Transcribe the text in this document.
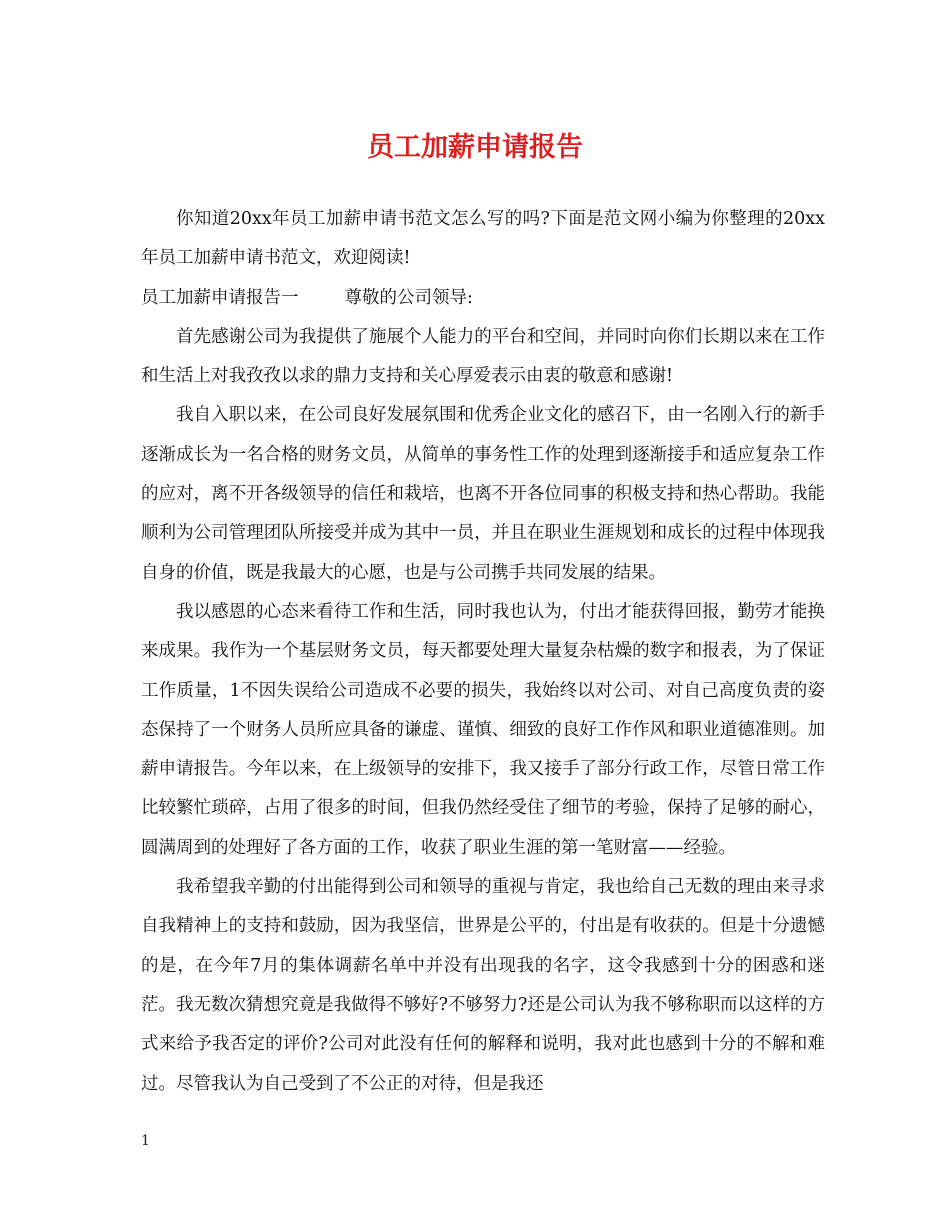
员工加薪申请报告

你知道20xx年员工加薪申请书范文怎么写的吗?下面是范文网小编为你整理的20xx年员工加薪申请书范文，欢迎阅读!

员工加薪申请报告一	尊敬的公司领导:

首先感谢公司为我提供了施展个人能力的平台和空间，并同时向你们长期以来在工作和生活上对我孜孜以求的鼎力支持和关心厚爱表示由衷的敬意和感谢!

我自入职以来，在公司良好发展氛围和优秀企业文化的感召下，由一名刚入行的新手逐渐成长为一名合格的财务文员，从简单的事务性工作的处理到逐渐接手和适应复杂工作的应对，离不开各级领导的信任和栽培，也离不开各位同事的积极支持和热心帮助。我能顺利为公司管理团队所接受并成为其中一员，并且在职业生涯规划和成长的过程中体现我自身的价值，既是我最大的心愿，也是与公司携手共同发展的结果。

我以感恩的心态来看待工作和生活，同时我也认为，付出才能获得回报，勤劳才能换来成果。我作为一个基层财务文员，每天都要处理大量复杂枯燥的数字和报表，为了保证工作质量，1不因失误给公司造成不必要的损失，我始终以对公司、对自己高度负责的姿态保持了一个财务人员所应具备的谦虚、谨慎、细致的良好工作作风和职业道德准则。加薪申请报告。今年以来，在上级领导的安排下，我又接手了部分行政工作，尽管日常工作比较繁忙琐碎，占用了很多的时间，但我仍然经受住了细节的考验，保持了足够的耐心，圆满周到的处理好了各方面的工作，收获了职业生涯的第一笔财富——经验。

我希望我辛勤的付出能得到公司和领导的重视与肯定，我也给自己无数的理由来寻求自我精神上的支持和鼓励，因为我坚信，世界是公平的，付出是有收获的。但是十分遗憾的是，在今年7月的集体调薪名单中并没有出现我的名字，这令我感到十分的困惑和迷茫。我无数次猜想究竟是我做得不够好?不够努力?还是公司认为我不够称职而以这样的方式来给予我否定的评价?公司对此没有任何的解释和说明，我对此也感到十分的不解和难过。尽管我认为自己受到了不公正的对待，但是我还

1
